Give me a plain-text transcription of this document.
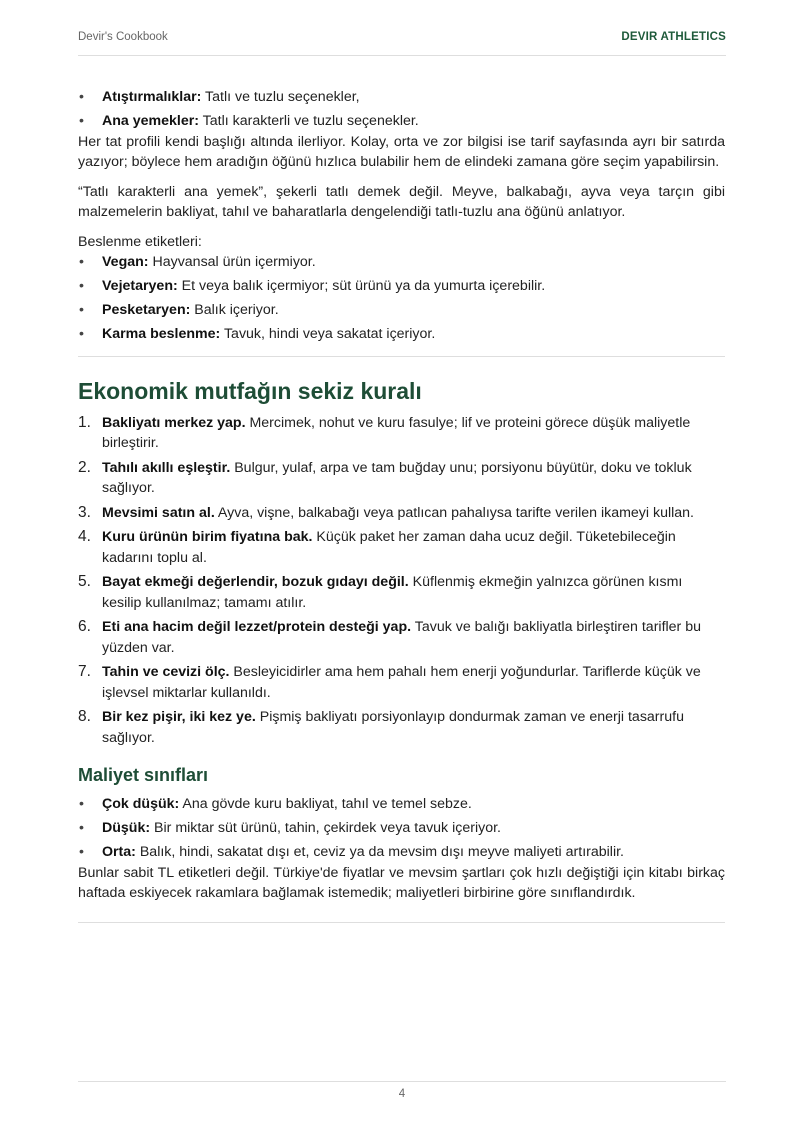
Devir's Cookbook	DEVIR ATHLETICS
• Atıştırmalıklar: Tatlı ve tuzlu seçenekler,
• Ana yemekler: Tatlı karakterli ve tuzlu seçenekler.

Her tat profili kendi başlığı altında ilerliyor. Kolay, orta ve zor bilgisi ise tarif sayfasında ayrı bir satırda yazıyor; böylece hem aradığın öğünü hızlıca bulabilir hem de elindeki zamana göre seçim yapabilirsin.

“Tatlı karakterli ana yemek”, şekerli tatlı demek değil. Meyve, balkabağı, ayva veya tarçın gibi malzemelerin bakliyat, tahıl ve baharatlarla dengelendiği tatlı-tuzlu ana öğünü anlatıyor.

Beslenme etiketleri:

• Vegan: Hayvansal ürün içermiyor.
• Vejetaryen: Et veya balık içermiyor; süt ürünü ya da yumurta içerebilir.
• Pesketaryen: Balık içeriyor.
• Karma beslenme: Tavuk, hindi veya sakatat içeriyor.
Ekonomik mutfağın sekiz kuralı
1. Bakliyatı merkez yap. Mercimek, nohut ve kuru fasulye; lif ve proteini görece düşük maliyetle birleştirir.
2. Tahılı akıllı eşleştir. Bulgur, yulaf, arpa ve tam buğday unu; porsiyonu büyütür, doku ve tokluk sağlıyor.
3. Mevsimi satın al. Ayva, vişne, balkabağı veya patlıcan pahalıysa tarifte verilen ikameyi kullan.
4. Kuru ürünün birim fiyatına bak. Küçük paket her zaman daha ucuz değil. Tüketebileceğin kadarını toplu al.
5. Bayat ekmeği değerlendir, bozuk gıdayı değil. Küflenmiş ekmeğin yalnızca görünen kısmı kesilip kullanılmaz; tamamı atılır.
6. Eti ana hacim değil lezzet/protein desteği yap. Tavuk ve balığı bakliyatla birleştiren tarifler bu yüzden var.
7. Tahin ve cevizi ölç. Besleyicidirler ama hem pahalı hem enerji yoğundurlar. Tariflerde küçük ve işlevsel miktarlar kullanıldı.
8. Bir kez pişir, iki kez ye. Pişmiş bakliyatı porsiyonlayıp dondurmak zaman ve enerji tasarrufu sağlıyor.
Maliyet sınıfları
• Çok düşük: Ana gövde kuru bakliyat, tahıl ve temel sebze.
• Düşük: Bir miktar süt ürünü, tahin, çekirdek veya tavuk içeriyor.
• Orta: Balık, hindi, sakatat dışı et, ceviz ya da mevsim dışı meyve maliyeti artırabilir.

Bunlar sabit TL etiketleri değil. Türkiye'de fiyatlar ve mevsim şartları çok hızlı değiştiği için kitabı birkaç haftada eskiyecek rakamlara bağlamak istemedik; maliyetleri birbirine göre sınıflandırdık.

4
